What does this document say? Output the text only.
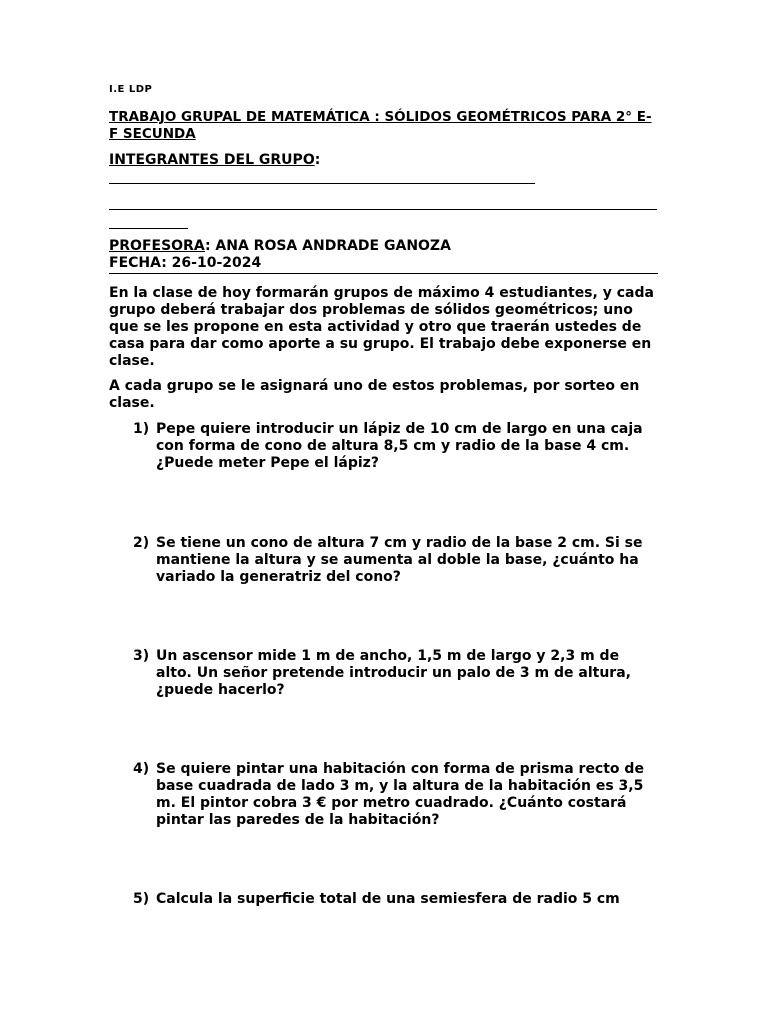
I.E LDP
TRABAJO GRUPAL DE MATEMÁTICA : SÓLIDOS GEOMÉTRICOS PARA 2° E-F SECUNDA
INTEGRANTES DEL GRUPO:
PROFESORA: ANA ROSA ANDRADE GANOZA
FECHA: 26-10-2024
En la clase de hoy formarán grupos de máximo 4 estudiantes, y cada grupo deberá trabajar dos problemas de sólidos geométricos; uno que se les propone en esta actividad y otro que traerán ustedes de casa para dar como aporte a su grupo. El trabajo debe exponerse en clase.
A cada grupo se le asignará uno de estos problemas, por sorteo en clase.
1) Pepe quiere introducir un lápiz de 10 cm de largo en una caja con forma de cono de altura 8,5 cm y radio de la base 4 cm. ¿Puede meter Pepe el lápiz?
2) Se tiene un cono de altura 7 cm y radio de la base 2 cm. Si se mantiene la altura y se aumenta al doble la base, ¿cuánto ha variado la generatriz del cono?
3) Un ascensor mide 1 m de ancho, 1,5 m de largo y 2,3 m de alto. Un señor pretende introducir un palo de 3 m de altura, ¿puede hacerlo?
4) Se quiere pintar una habitación con forma de prisma recto de base cuadrada de lado 3 m, y la altura de la habitación es 3,5 m. El pintor cobra 3 € por metro cuadrado. ¿Cuánto costará pintar las paredes de la habitación?
5) Calcula la superficie total de una semiesfera de radio 5 cm
